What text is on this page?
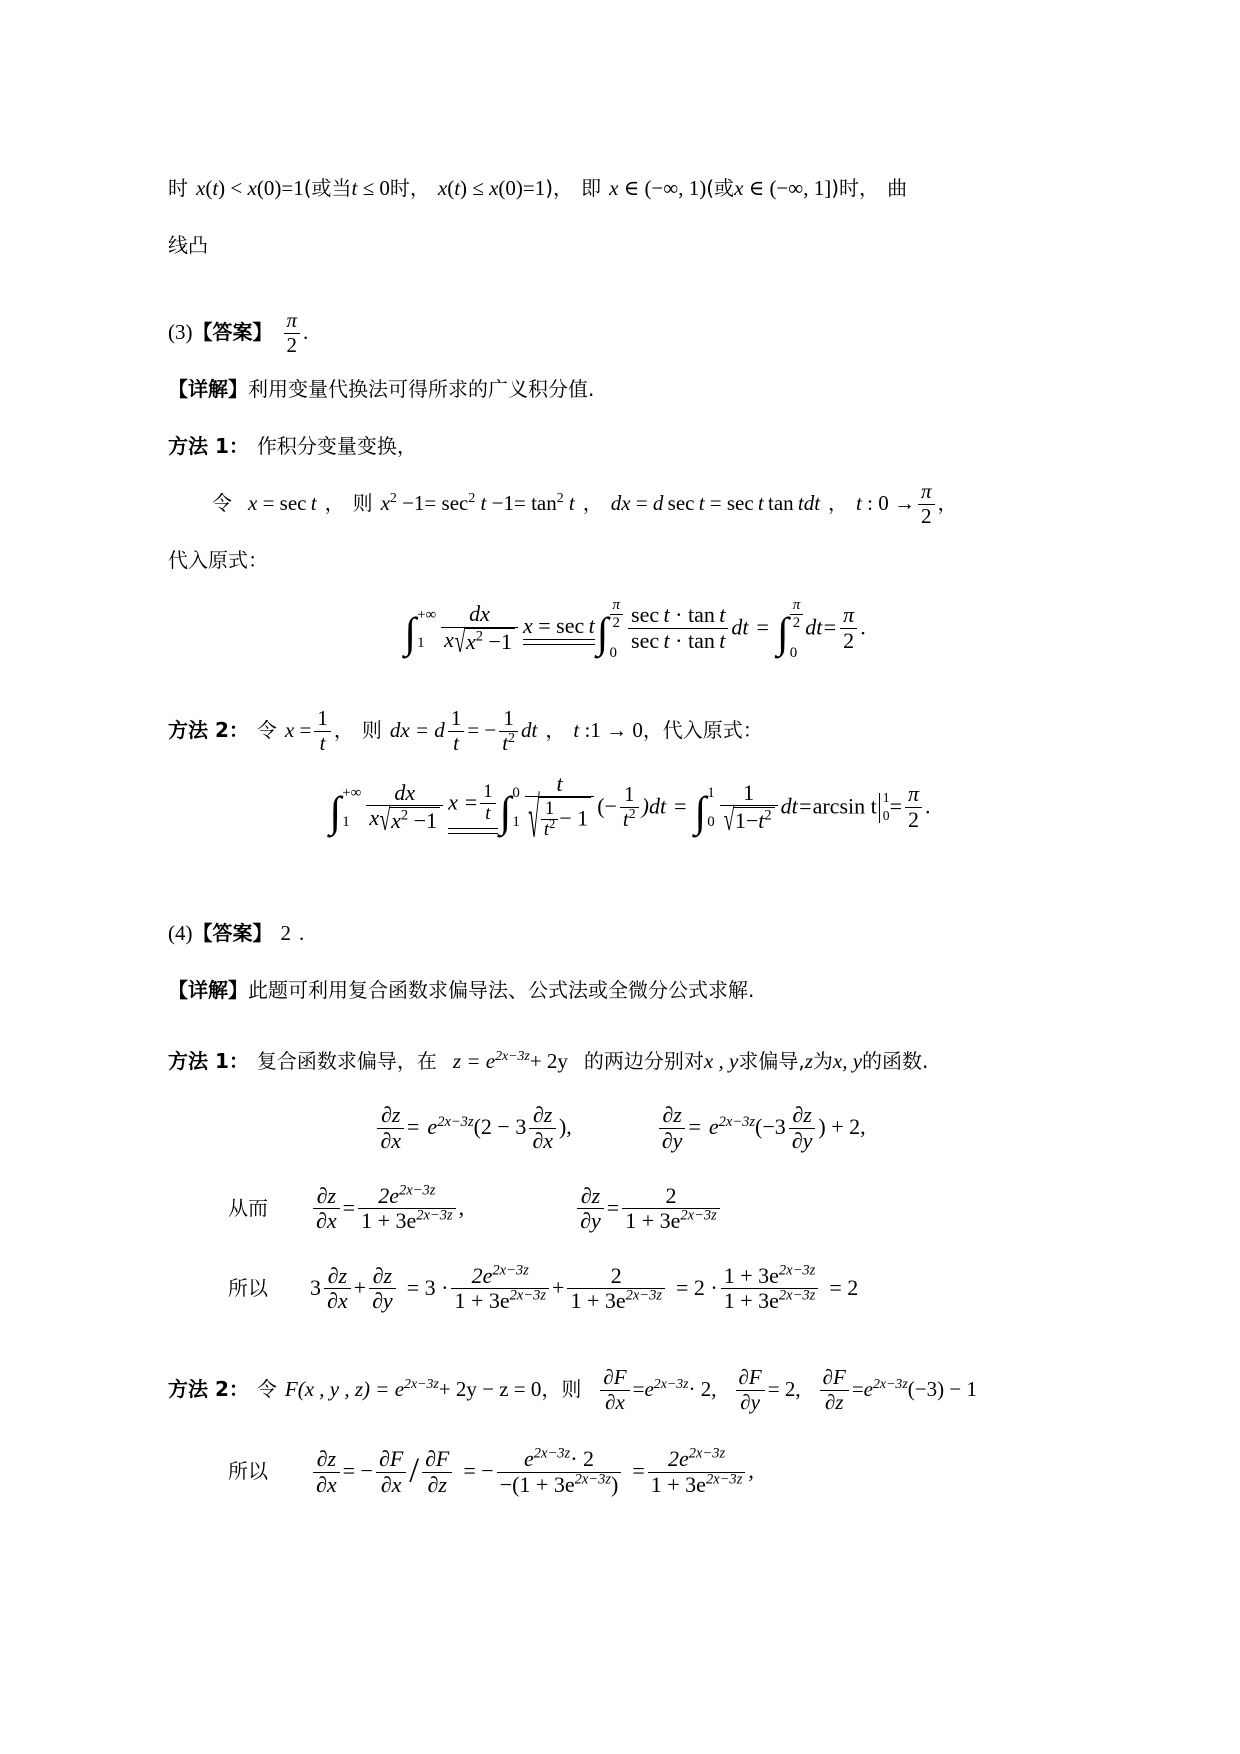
时 x(t) < x(0)=1(或当t ≤ 0时， x(t) ≤ x(0)=1)， 即 x ∈ (−∞, 1)(或x ∈ (−∞, 1])时， 曲
线凸
(3)【答案】 $\frac{\pi}{2}$ .
【详解】利用变量代换法可得所求的广义积分值.
方法 1： 作积分变量变换，
令 x = sec  t ， 则 $x^2 -1= \sec^2 t -1= \tan^2 t$ ， dx = d  sec  t = sec  t  tan  tdt ， t : $0 \to \frac{\pi}{2}$ ，
代入原式：
∫ +∞
$1 \frac{dx}{x√x^2 -1}$ x = sec  t ∫ $\frac{\pi}{2}$
$0 \frac{\text{sec  t · tan  t}}{\text{sec  t · tan  t}}$ dt = ∫ $\frac{\pi}{2}$
0
$dt= \frac{\pi}{2}$ .
方法 2： 令 $x = \frac{1}{t}$ ， 则 dx = d $\frac{1}{t}$ = − $\frac{1}{t^2}$ dt ， t :1 → 0，代入原式：
∫ +∞
$1 \frac{dx}{x√x^2 -1}$ $x = \frac{1}{t}$ ∫ 0
$1 \frac{t}{√ \frac{1}{t^2} - 1}$ (− $\frac{1}{t^2} )dt$ = ∫ 1
$0 \frac{1}{√1-t^2} dt=\arcsin$ t 1
$0 = \frac{\pi}{2}$ .
(4)【答案】 2 .
【详解】此题可利用复合函数求偏导法、公式法或全微分公式求解.
方法 1： 复合函数求偏导，在 $z = e^{2x-3z}+ 2y$ 的两边分别对x , y求偏导,z为x, y的函数.
$\frac{\partial z}{\partial x} = e^{2x-3z}(2 - 3 \frac{\partial z}{\partial x}$ ),	$\frac{\partial z}{\partial y} = e^{2x-3z}(-3 \frac{\partial z}{\partial y}$ ) + 2,
从而 $\frac{\partial z}{\partial x} = \frac{2e^{2x-3z}}{1 + 3e^{2x-3z}}$ ,	$\frac{\partial z}{\partial y} = \frac{2}{1 + 3e^{2x-3z}}$
所以 $3 \frac{\partial z}{\partial x} + \frac{\partial z}{\partial y} = 3 \cdot \frac{2e^{2x-3z}}{1 + 3e^{2x-3z}} + \frac{2}{1 + 3e^{2x-3z}} = 2 \cdot \frac{1 + 3e^{2x-3z}}{1 + 3e^{2x-3z}} = 2$
方法 2： 令 F(x , y , $z) = e^{2x-3z}+ 2y - z = 0$，则 $\frac{\partial F}{\partial x} =e^{2x-3z}\cdot 2$, $\frac{\partial F}{\partial y} = 2$, $\frac{\partial F}{\partial z} =e^{2x-3z}(-3) - 1$
所以 $\frac{\partial z}{\partial x}$ = − $\frac{\partial F}{\partial x} / \frac{\partial F}{\partial z}$ = − $\frac{e^{2x-3z}\cdot 2}{-(1 + 3e^{2x-3z})} = \frac{2e^{2x-3z}}{1 + 3e^{2x-3z}}$ ,
